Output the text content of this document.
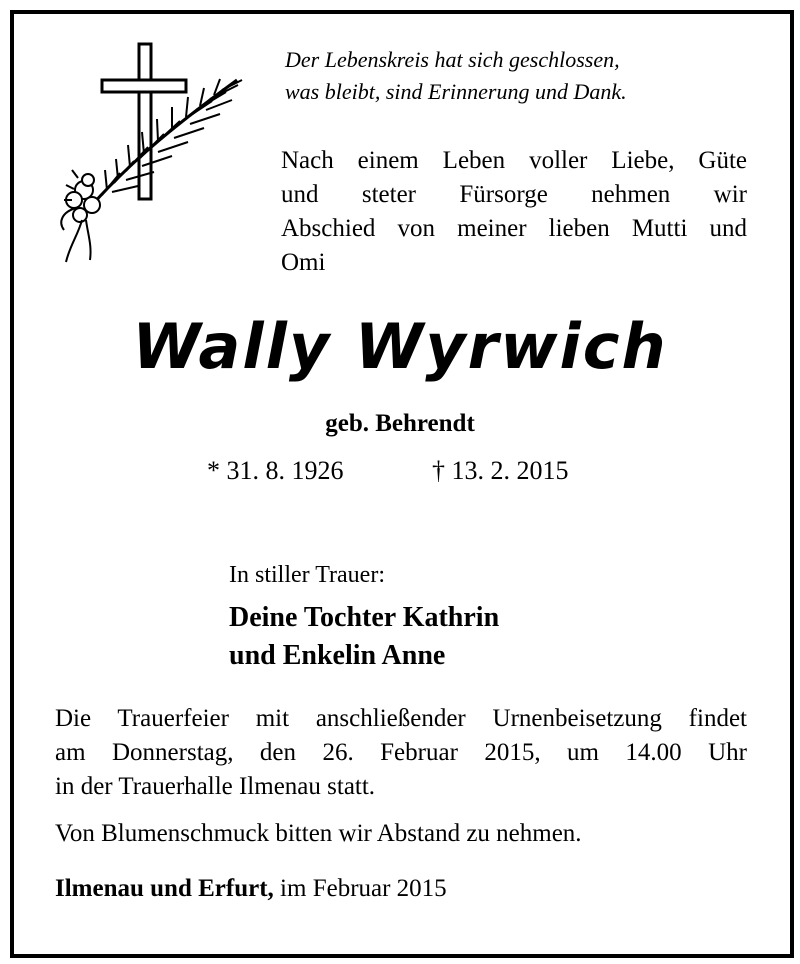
Der Lebenskreis hat sich geschlossen,
was bleibt, sind Erinnerung und Dank.
Nach einem Leben voller Liebe, Güte
und steter Fürsorge nehmen wir
Abschied von meiner lieben Mutti und
Omi
Wally Wyrwich
geb. Behrendt
* 31. 8. 1926	† 13. 2. 2015
In stiller Trauer:
Deine Tochter Kathrin
und Enkelin Anne
Die Trauerfeier mit anschließender Urnenbeisetzung findet
am Donnerstag, den 26. Februar 2015, um 14.00 Uhr
in der Trauerhalle Ilmenau statt.
Von Blumenschmuck bitten wir Abstand zu nehmen.
Ilmenau und Erfurt, im Februar 2015
